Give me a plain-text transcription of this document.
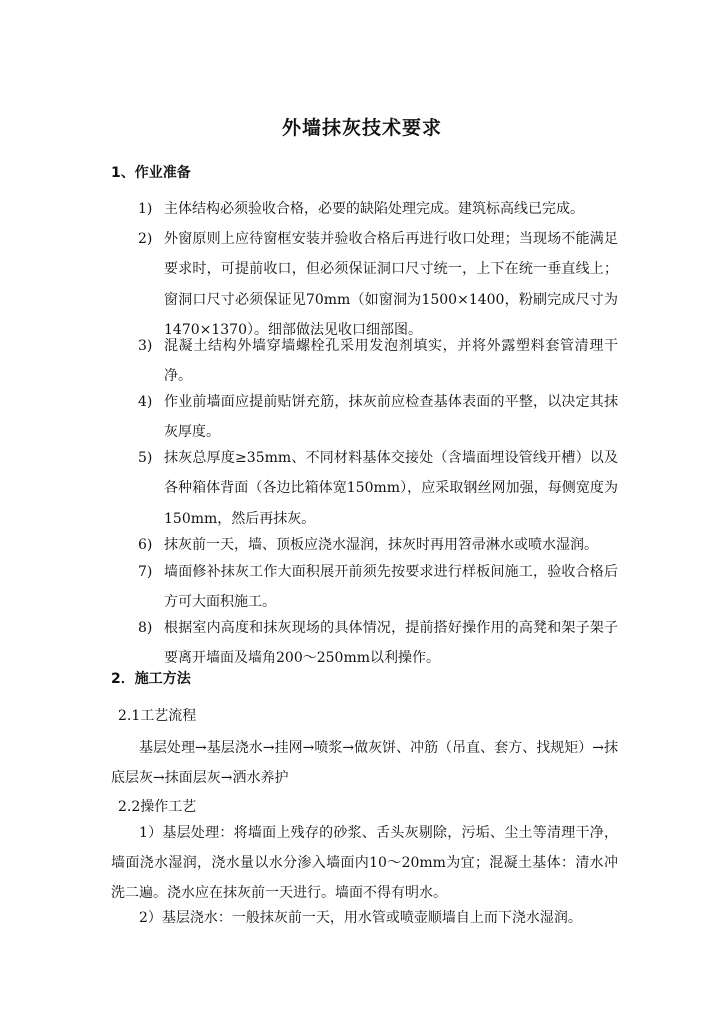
外墙抹灰技术要求
1、作业准备
1) 主体结构必须验收合格，必要的缺陷处理完成。建筑标高线已完成。
2) 外窗原则上应待窗框安装并验收合格后再进行收口处理；当现场不能满足要求时，可提前收口，但必须保证洞口尺寸统一，上下在统一垂直线上；窗洞口尺寸必须保证见70mm（如窗洞为1500×1400，粉刷完成尺寸为1470×1370）。细部做法见收口细部图。
3) 混凝土结构外墙穿墙螺栓孔采用发泡剂填实，并将外露塑料套管清理干净。
4) 作业前墙面应提前贴饼充筋，抹灰前应检查基体表面的平整，以决定其抹灰厚度。
5) 抹灰总厚度≥35mm、不同材料基体交接处（含墙面埋设管线开槽）以及各种箱体背面（各边比箱体宽150mm），应采取钢丝网加强，每侧宽度为150mm，然后再抹灰。
6) 抹灰前一天，墙、顶板应浇水湿润，抹灰时再用笤帚淋水或喷水湿润。
7) 墙面修补抹灰工作大面积展开前须先按要求进行样板间施工，验收合格后方可大面积施工。
8) 根据室内高度和抹灰现场的具体情况，提前搭好操作用的高凳和架子架子要离开墙面及墙角200～250mm以利操作。
2．施工方法
2.1工艺流程
基层处理→基层浇水→挂网→喷浆→做灰饼、冲筋（吊直、套方、找规矩）→抹底层灰→抹面层灰→洒水养护
2.2操作工艺
1）基层处理：将墙面上残存的砂浆、舌头灰剔除，污垢、尘土等清理干净，墙面浇水湿润，浇水量以水分渗入墙面内10～20mm为宜；混凝土基体：清水冲洗二遍。浇水应在抹灰前一天进行。墙面不得有明水。
2）基层浇水：一般抹灰前一天，用水管或喷壶顺墙自上而下浇水湿润。
